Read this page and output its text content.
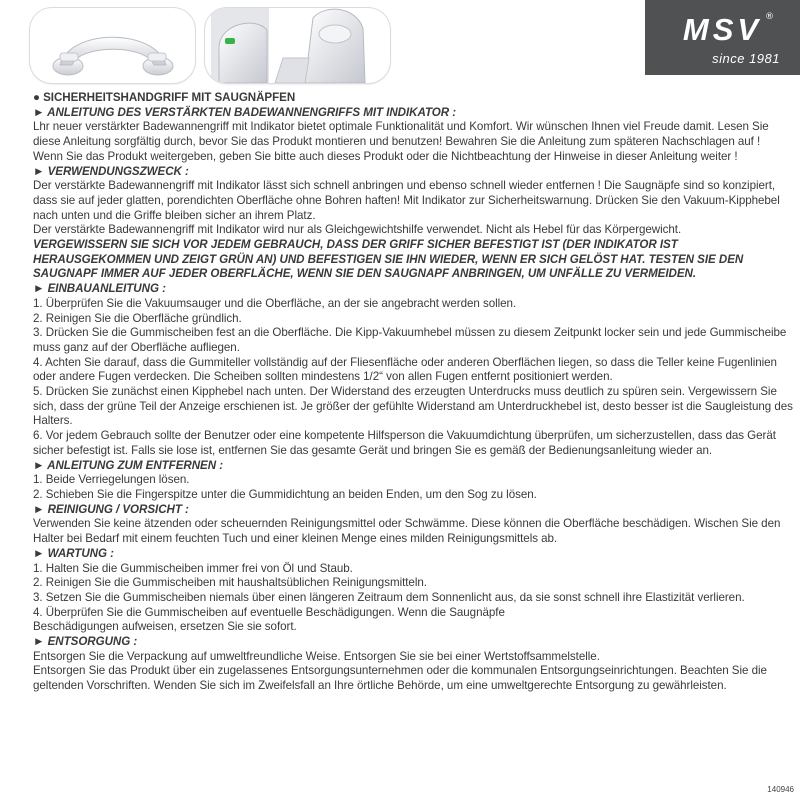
MSV ®
since 1981

● SICHERHEITSHANDGRIFF MIT SAUGNÄPFEN

► ANLEITUNG DES VERSTÄRKTEN BADEWANNENGRIFFS MIT INDIKATOR :

Lhr neuer verstärkter Badewannengriff mit Indikator bietet optimale Funktionalität und Komfort. Wir wünschen Ihnen viel Freude damit. Lesen Sie diese Anleitung sorgfältig durch, bevor Sie das Produkt montieren und benutzen! Bewahren Sie die Anleitung zum späteren Nachschlagen auf ! Wenn Sie das Produkt weitergeben, geben Sie bitte auch dieses Produkt oder die Nichtbeachtung der Hinweise in dieser Anleitung weiter !

► VERWENDUNGSZWECK :

Der verstärkte Badewannengriff mit Indikator lässt sich schnell anbringen und ebenso schnell wieder entfernen ! Die Saugnäpfe sind so konzipiert, dass sie auf jeder glatten, porendichten Oberfläche ohne Bohren haften! Mit Indikator zur Sicherheitswarnung. Drücken Sie den Vakuum-Kipphebel nach unten und die Griffe bleiben sicher an ihrem Platz.

Der verstärkte Badewannengriff mit Indikator wird nur als Gleichgewichtshilfe verwendet. Nicht als Hebel für das Körpergewicht.

VERGEWISSERN SIE SICH VOR JEDEM GEBRAUCH, DASS DER GRIFF SICHER BEFESTIGT IST (DER INDIKATOR IST HERAUSGEKOMMEN UND ZEIGT GRÜN AN) UND BEFESTIGEN SIE IHN WIEDER, WENN ER SICH GELÖST HAT. TESTEN SIE DEN SAUGNAPF IMMER AUF JEDER OBERFLÄCHE, WENN SIE DEN SAUGNAPF ANBRINGEN, UM UNFÄLLE ZU VERMEIDEN.

► EINBAUANLEITUNG :

1. Überprüfen Sie die Vakuumsauger und die Oberfläche, an der sie angebracht werden sollen.

2. Reinigen Sie die Oberfläche gründlich.

3. Drücken Sie die Gummischeiben fest an die Oberfläche. Die Kipp-Vakuumhebel müssen zu diesem Zeitpunkt locker sein und jede Gummischeibe muss ganz auf der Oberfläche aufliegen.

4. Achten Sie darauf, dass die Gummiteller vollständig auf der Fliesenfläche oder anderen Oberflächen liegen, so dass die Teller keine Fugenlinien oder andere Fugen verdecken. Die Scheiben sollten mindestens 1/2“ von allen Fugen entfernt positioniert werden.

5. Drücken Sie zunächst einen Kipphebel nach unten. Der Widerstand des erzeugten Unterdrucks muss deutlich zu spüren sein. Vergewissern Sie sich, dass der grüne Teil der Anzeige erschienen ist. Je größer der gefühlte Widerstand am Unterdruckhebel ist, desto besser ist die Saugleistung des Halters.

6. Vor jedem Gebrauch sollte der Benutzer oder eine kompetente Hilfsperson die Vakuumdichtung überprüfen, um sicherzustellen, dass das Gerät sicher befestigt ist. Falls sie lose ist, entfernen Sie das gesamte Gerät und bringen Sie es gemäß der Bedienungsanleitung wieder an.

► ANLEITUNG ZUM ENTFERNEN :

1. Beide Verriegelungen lösen.

2. Schieben Sie die Fingerspitze unter die Gummidichtung an beiden Enden, um den Sog zu lösen.

► REINIGUNG / VORSICHT :

Verwenden Sie keine ätzenden oder scheuernden Reinigungsmittel oder Schwämme. Diese können die Oberfläche beschädigen. Wischen Sie den Halter bei Bedarf mit einem feuchten Tuch und einer kleinen Menge eines milden Reinigungsmittels ab.

► WARTUNG :

1. Halten Sie die Gummischeiben immer frei von Öl und Staub.

2. Reinigen Sie die Gummischeiben mit haushaltsüblichen Reinigungsmitteln.

3. Setzen Sie die Gummischeiben niemals über einen längeren Zeitraum dem Sonnenlicht aus, da sie sonst schnell ihre Elastizität verlieren.

4. Überprüfen Sie die Gummischeiben auf eventuelle Beschädigungen. Wenn die Saugnäpfe

Beschädigungen aufweisen, ersetzen Sie sie sofort.

► ENTSORGUNG :

Entsorgen Sie die Verpackung auf umweltfreundliche Weise. Entsorgen Sie sie bei einer Wertstoffsammelstelle.

Entsorgen Sie das Produkt über ein zugelassenes Entsorgungsunternehmen oder die kommunalen Entsorgungseinrichtungen. Beachten Sie die geltenden Vorschriften. Wenden Sie sich im Zweifelsfall an Ihre örtliche Behörde, um eine umweltgerechte Entsorgung zu gewährleisten.

140946
